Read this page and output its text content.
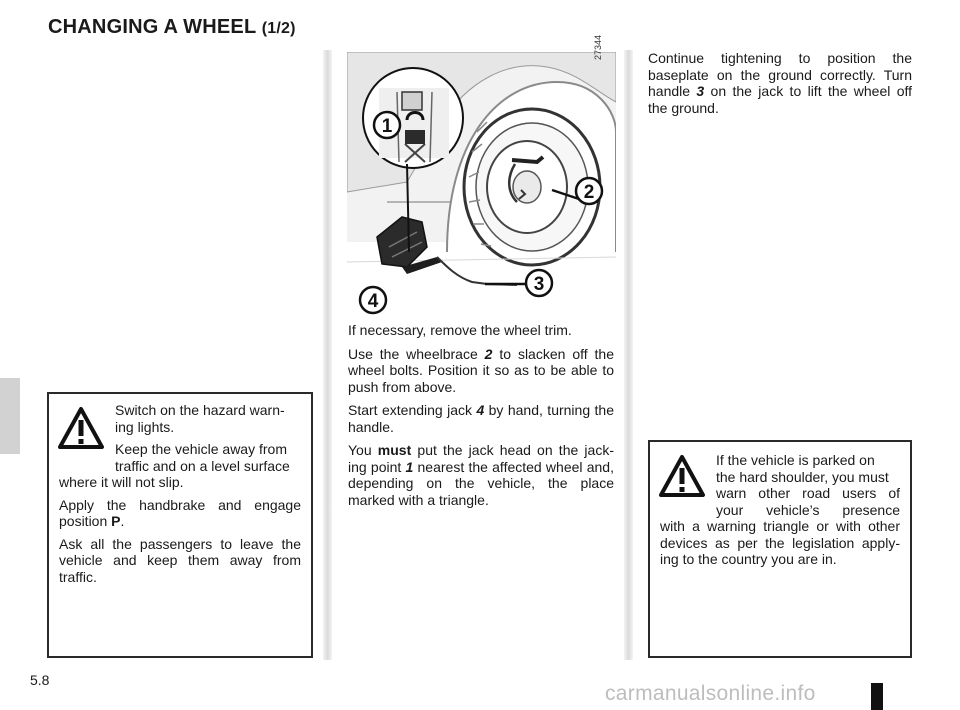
CHANGING A WHEEL (1/2)
1
2
3
4
27344

If necessary, remove the wheel trim.

Use the wheelbrace 2 to slacken off the wheel bolts. Position it so as to be able to push from above.

Start extending jack 4 by hand, turning the handle.

You must put the jack head on the jack-ing point 1 nearest the affected wheel and, depending on the vehicle, the place marked with a triangle.

Continue tightening to position the baseplate on the ground correctly. Turn handle 3 on the jack to lift the wheel off the ground.

Switch on the hazard warn-
ing lights.
Keep the vehicle away from
traffic and on a level surface
where it will not slip.

Apply the handbrake and engage position P.

Ask all the passengers to leave the vehicle and keep them away from traffic.

If the vehicle is parked on
the hard shoulder, you must
warn other road users of
your vehicle’s presence
with a warning triangle or with other devices as per the legislation apply-ing to the country you are in.
5.8
carmanualsonline.info
